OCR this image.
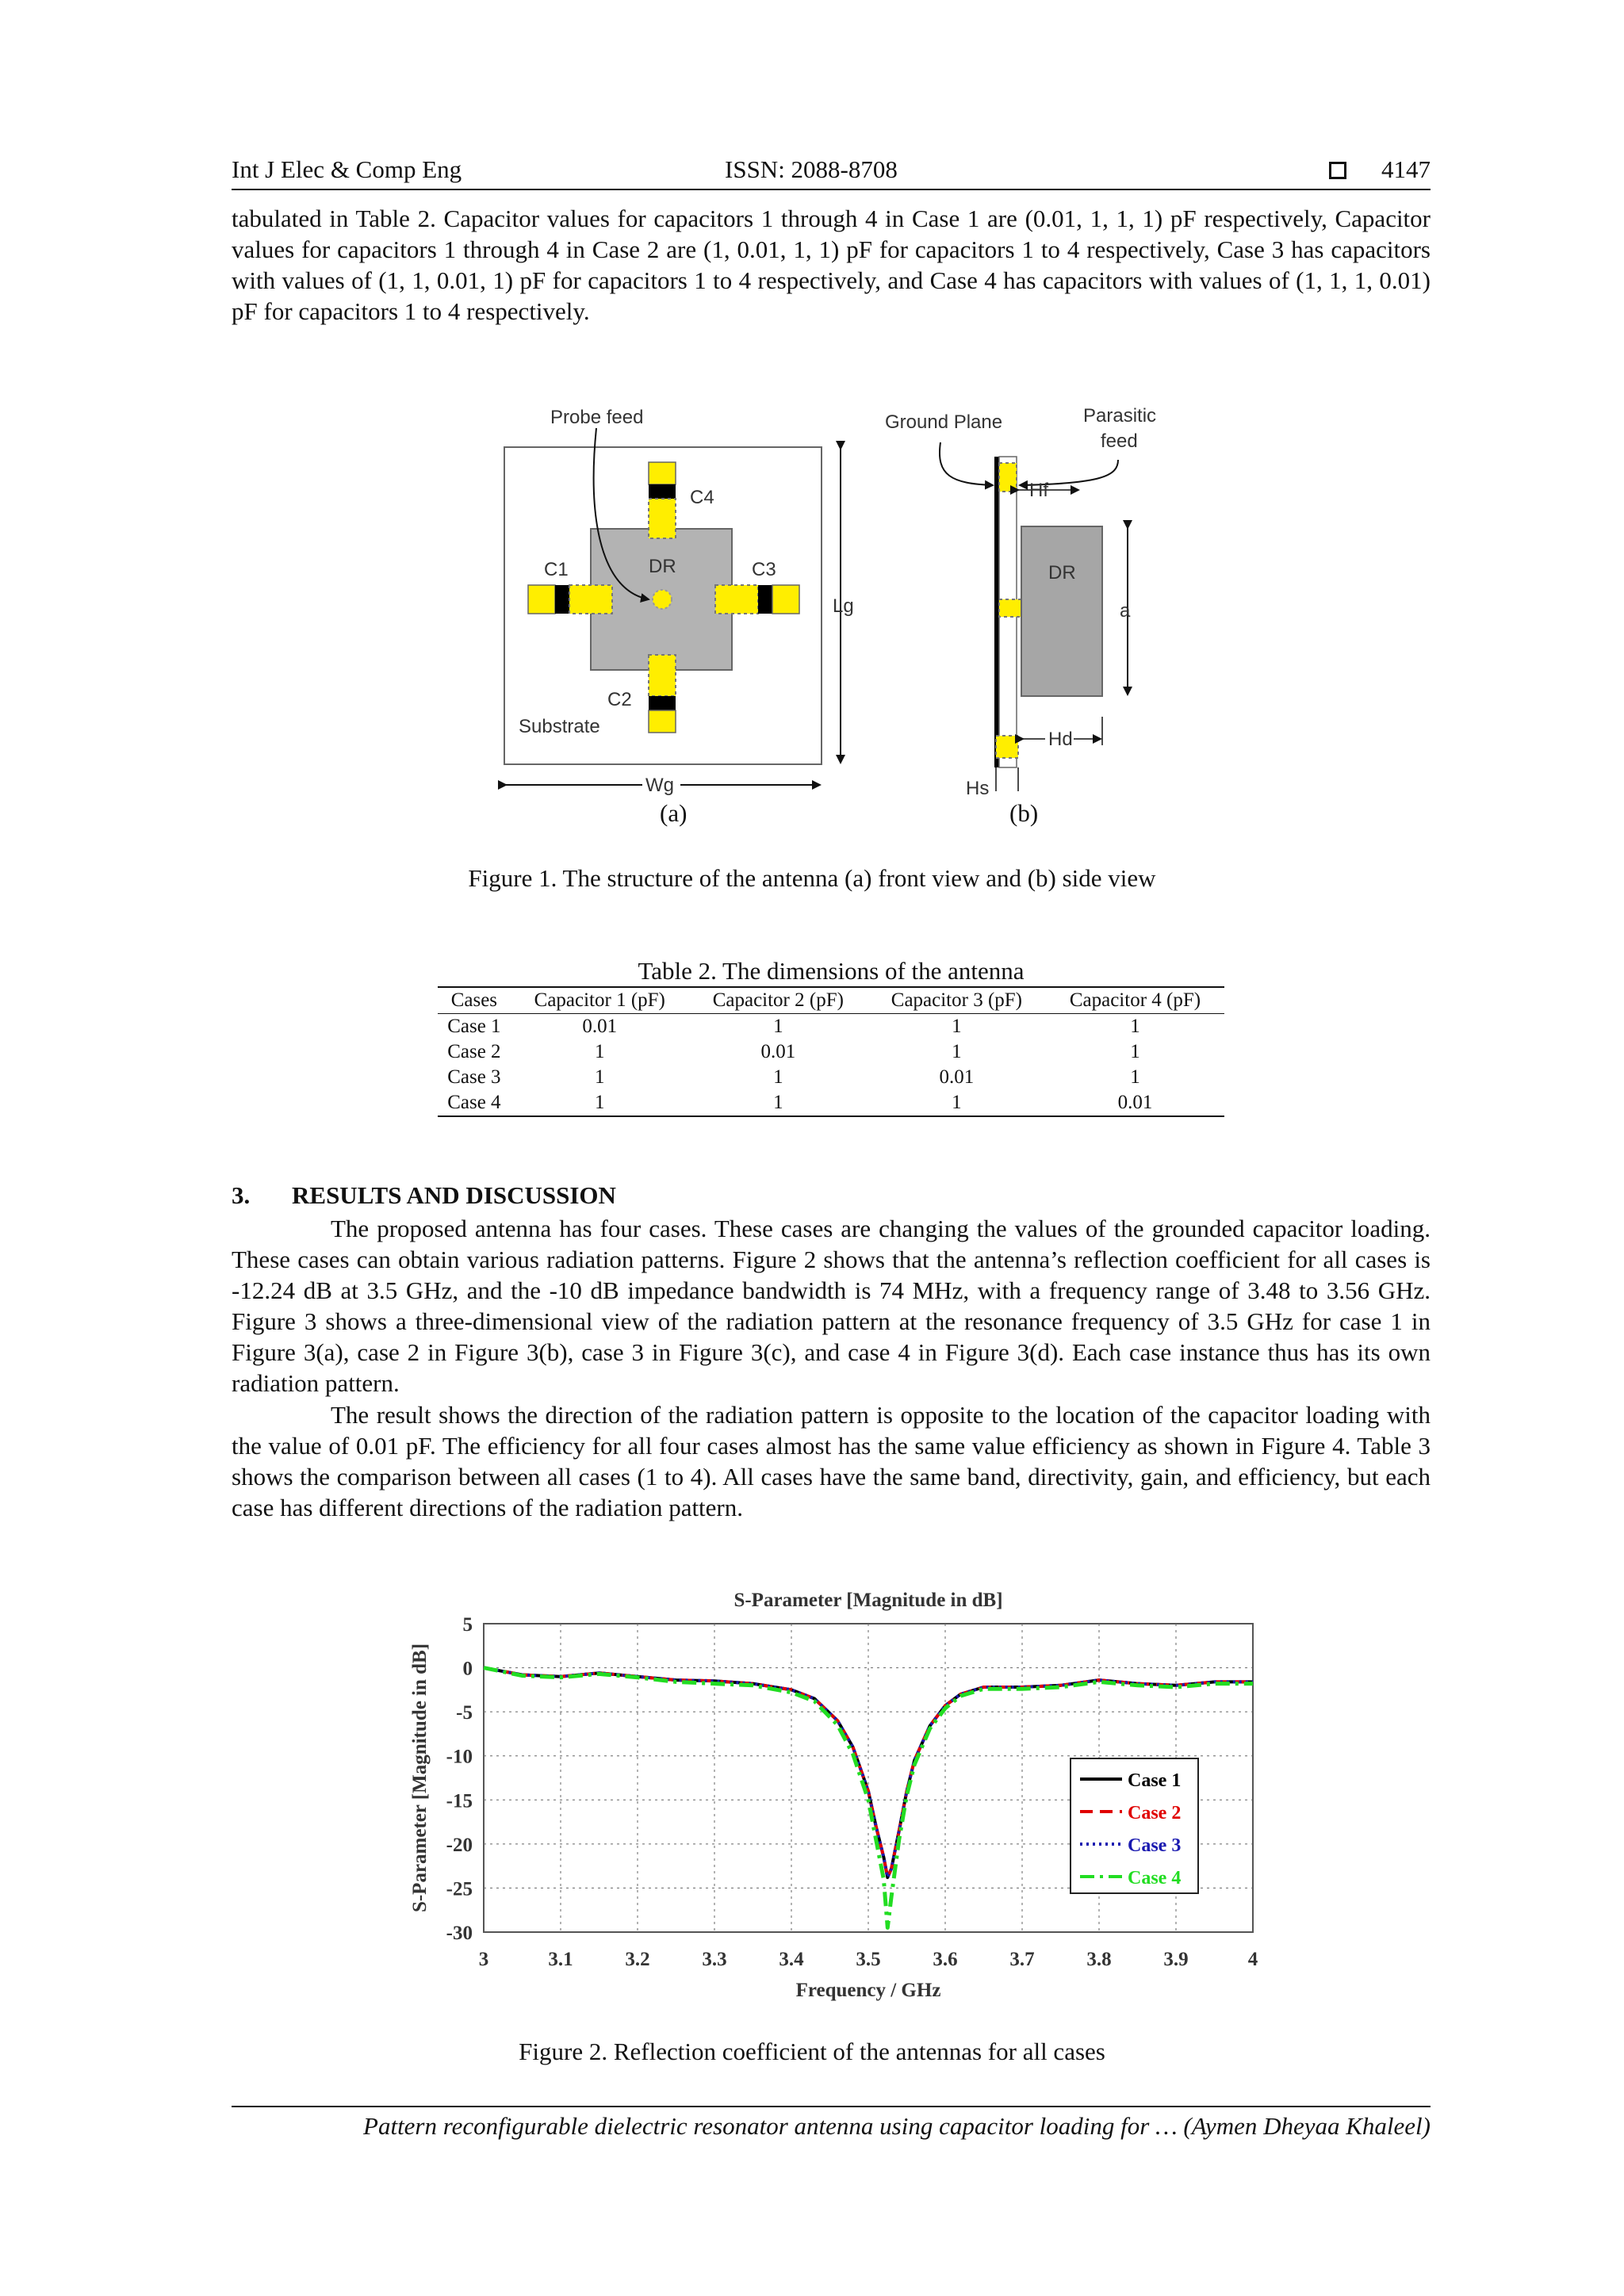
Int J Elec & Comp Eng	ISSN: 2088-8708	4147

tabulated in Table 2. Capacitor values for capacitors 1 through 4 in Case 1 are (0.01, 1, 1, 1) pF respectively, Capacitor values for capacitors 1 through 4 in Case 2 are (1, 0.01, 1, 1) pF for capacitors 1 to 4 respectively, Case 3 has capacitors with values of (1, 1, 0.01, 1) pF for capacitors 1 to 4 respectively, and Case 4 has capacitors with values of (1, 1, 1, 0.01) pF for capacitors 1 to 4 respectively.

Probe feed
C4
C1	C3
DR
C2
Substrate
Lg
Wg
Ground Plane	Parasitic
feed
Hf
DR
a
Hd
Hs
(a)	(b)
Figure 1. The structure of the antenna (a) front view and (b) side view
Table 2. The dimensions of the antenna
Cases	Capacitor 1 (pF)	Capacitor 2 (pF)	Capacitor 3 (pF)	Capacitor 4 (pF)
Case 1	0.01	1	1	1
Case 2	1	0.01	1	1
Case 3	1	1	0.01	1
Case 4	1	1	1	0.01
3. RESULTS AND DISCUSSION

The proposed antenna has four cases. These cases are changing the values of the grounded capacitor loading. These cases can obtain various radiation patterns. Figure 2 shows that the antenna’s reflection coefficient for all cases is -12.24 dB at 3.5 GHz, and the -10 dB impedance bandwidth is 74 MHz, with a frequency range of 3.48 to 3.56 GHz. Figure 3 shows a three-dimensional view of the radiation pattern at the resonance frequency of 3.5 GHz for case 1 in Figure 3(a), case 2 in Figure 3(b), case 3 in Figure 3(c), and case 4 in Figure 3(d). Each case instance thus has its own radiation pattern.

The result shows the direction of the radiation pattern is opposite to the location of the capacitor loading with the value of 0.01 pF. The efficiency for all four cases almost has the same value efficiency as shown in Figure 4. Table 3 shows the comparison between all cases (1 to 4). All cases have the same band, directivity, gain, and efficiency, but each case has different directions of the radiation pattern.

3	3.1	3.2	3.3	3.4	3.5	3.6	3.7	3.8	3.9	4
5
0
-5
-10
-15
-20
-25
-30
S-Parameter [Magnitude in dB]
Frequency / GHz
S-Parameter [Magnitude in dB]	Case 1
Case 2
Case 3
Case 4
Figure 2. Reflection coefficient of the antennas for all cases
Pattern reconfigurable dielectric resonator antenna using capacitor loading for … (Aymen Dheyaa Khaleel)
